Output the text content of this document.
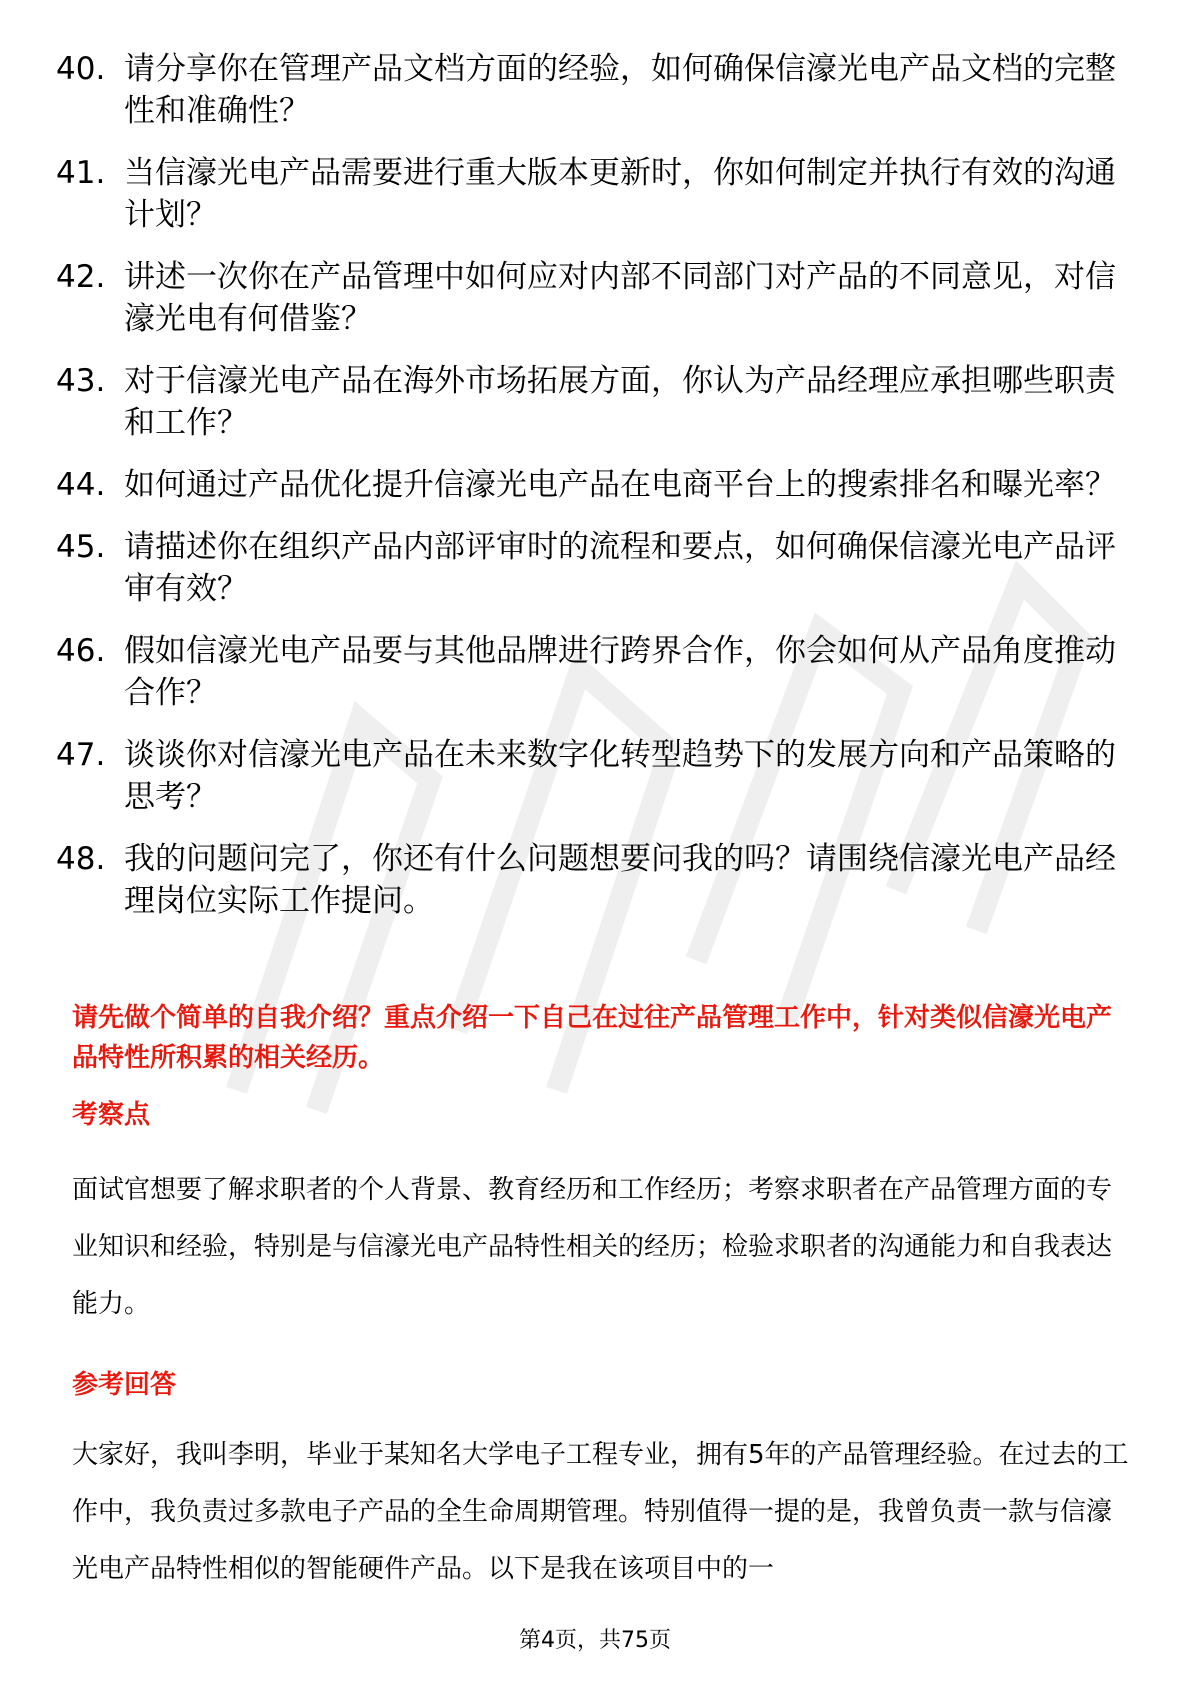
40. 请分享你在管理产品文档方面的经验，如何确保信濠光电产品文档的完整性和准确性？
41. 当信濠光电产品需要进行重大版本更新时，你如何制定并执行有效的沟通计划？
42. 讲述一次你在产品管理中如何应对内部不同部门对产品的不同意见，对信濠光电有何借鉴？
43. 对于信濠光电产品在海外市场拓展方面，你认为产品经理应承担哪些职责和工作？
44. 如何通过产品优化提升信濠光电产品在电商平台上的搜索排名和曝光率？
45. 请描述你在组织产品内部评审时的流程和要点，如何确保信濠光电产品评审有效？
46. 假如信濠光电产品要与其他品牌进行跨界合作，你会如何从产品角度推动合作？
47. 谈谈你对信濠光电产品在未来数字化转型趋势下的发展方向和产品策略的思考？
48. 我的问题问完了，你还有什么问题想要问我的吗？请围绕信濠光电产品经理岗位实际工作提问。
请先做个简单的自我介绍？重点介绍一下自己在过往产品管理工作中，针对类似信濠光电产品特性所积累的相关经历。
考察点
面试官想要了解求职者的个人背景、教育经历和工作经历；考察求职者在产品管理方面的专业知识和经验，特别是与信濠光电产品特性相关的经历；检验求职者的沟通能力和自我表达能力。
参考回答
大家好，我叫李明，毕业于某知名大学电子工程专业，拥有5年的产品管理经验。在过去的工作中，我负责过多款电子产品的全生命周期管理。特别值得一提的是，我曾负责一款与信濠光电产品特性相似的智能硬件产品。以下是我在该项目中的一
第4页，共75页
